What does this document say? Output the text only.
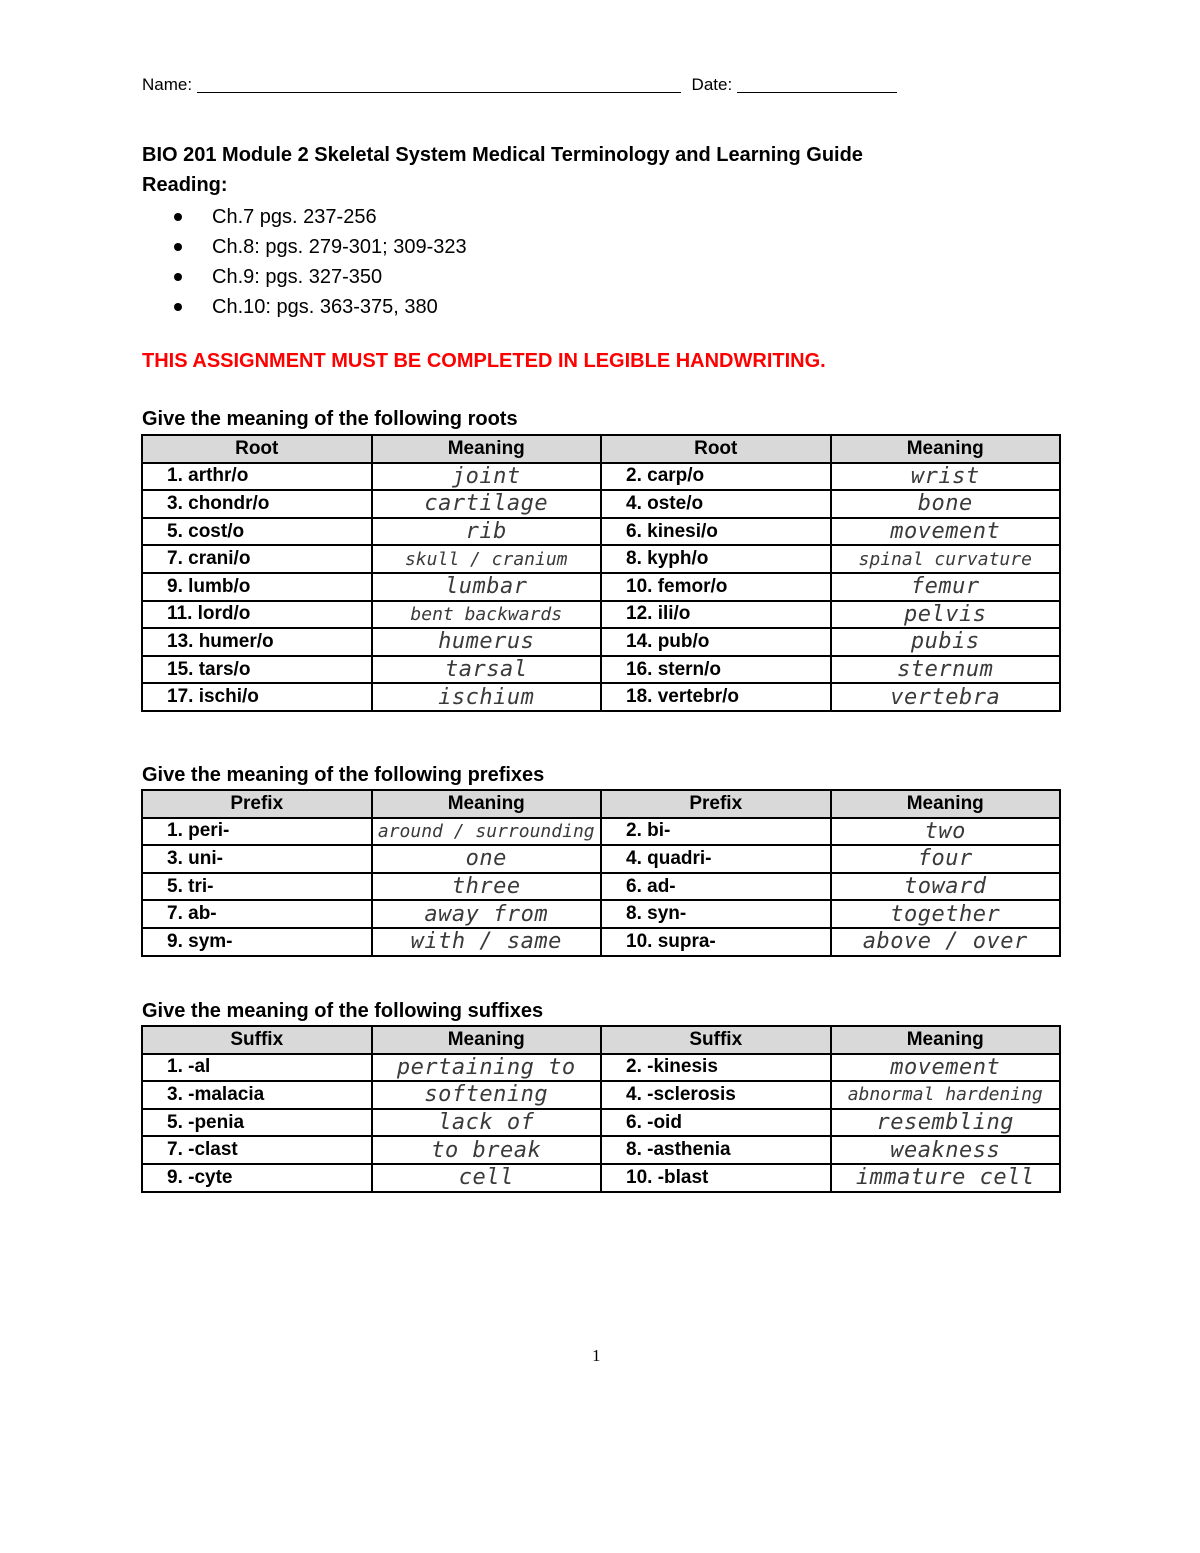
Name:	Date:
BIO 201 Module 2 Skeletal System Medical Terminology and Learning Guide
Reading:
Ch.7 pgs. 237-256
Ch.8: pgs. 279-301; 309-323
Ch.9: pgs. 327-350
Ch.10: pgs. 363-375, 380
THIS ASSIGNMENT MUST BE COMPLETED IN LEGIBLE HANDWRITING.
Give the meaning of the following roots
Root	Meaning	Root	Meaning
1. arthr/o	joint	2. carp/o	wrist
3. chondr/o	cartilage	4. oste/o	bone
5. cost/o	rib	6. kinesi/o	movement
7. crani/o	skull / cranium	8. kyph/o	spinal curvature
9. lumb/o	lumbar	10. femor/o	femur
11. lord/o	bent backwards	12. ili/o	pelvis
13. humer/o	humerus	14. pub/o	pubis
15. tars/o	tarsal	16. stern/o	sternum
17. ischi/o	ischium	18. vertebr/o	vertebra
Give the meaning of the following prefixes
Prefix	Meaning	Prefix	Meaning
1. peri-	around / surrounding	2. bi-	two
3. uni-	one	4. quadri-	four
5. tri-	three	6. ad-	toward
7. ab-	away from	8. syn-	together
9. sym-	with / same	10. supra-	above / over
Give the meaning of the following suffixes
Suffix	Meaning	Suffix	Meaning
1. -al	pertaining to	2. -kinesis	movement
3. -malacia	softening	4. -sclerosis	abnormal hardening
5. -penia	lack of	6. -oid	resembling
7. -clast	to break	8. -asthenia	weakness
9. -cyte	cell	10. -blast	immature cell
1
